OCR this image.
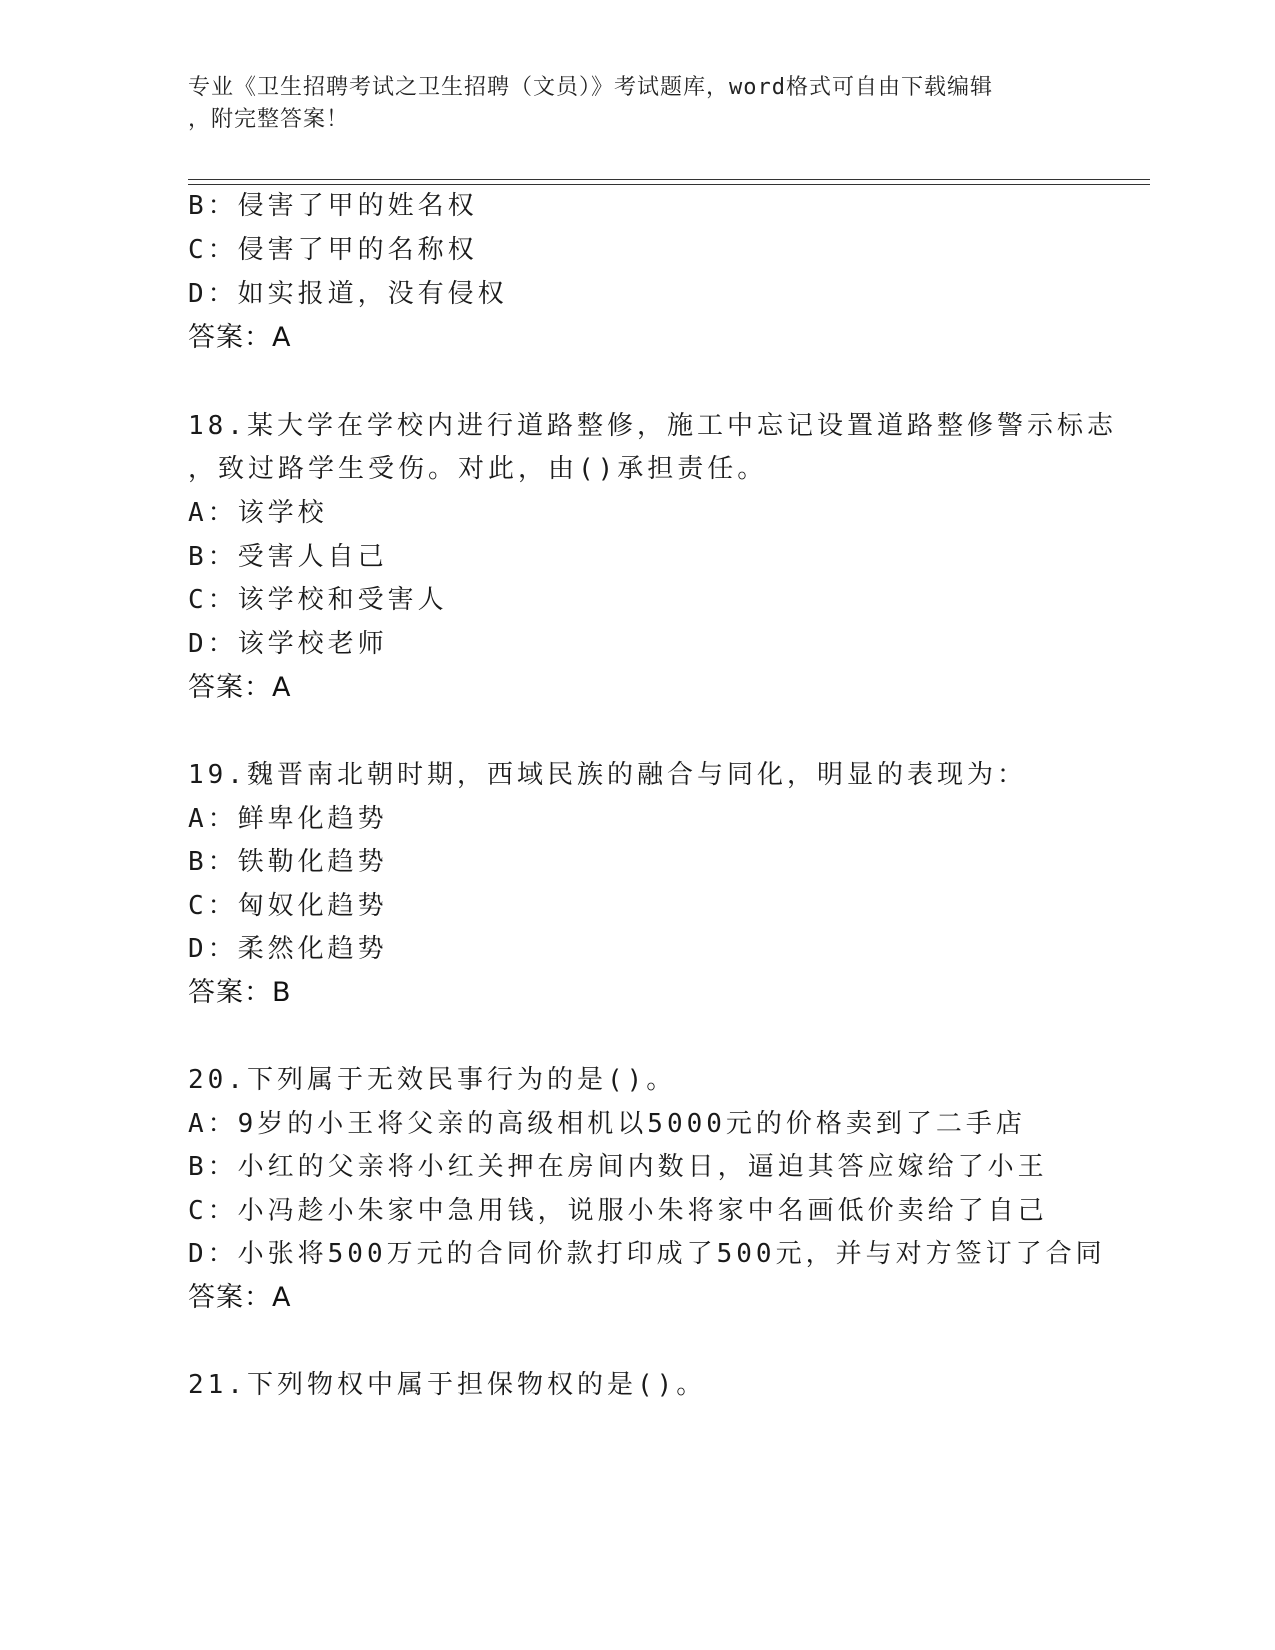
专业《卫生招聘考试之卫生招聘（文员）》考试题库，word格式可自由下载编辑
，附完整答案！
B：侵害了甲的姓名权
C：侵害了甲的名称权
D：如实报道，没有侵权
答案：A
18.某大学在学校内进行道路整修，施工中忘记设置道路整修警示标志
，致过路学生受伤。对此，由()承担责任。
A：该学校
B：受害人自己
C：该学校和受害人
D：该学校老师
答案：A
19.魏晋南北朝时期，西域民族的融合与同化，明显的表现为：
A：鲜卑化趋势
B：铁勒化趋势
C：匈奴化趋势
D：柔然化趋势
答案：B
20.下列属于无效民事行为的是()。
A：9岁的小王将父亲的高级相机以5000元的价格卖到了二手店
B：小红的父亲将小红关押在房间内数日，逼迫其答应嫁给了小王
C：小冯趁小朱家中急用钱，说服小朱将家中名画低价卖给了自己
D：小张将500万元的合同价款打印成了500元，并与对方签订了合同
答案：A
21.下列物权中属于担保物权的是()。
